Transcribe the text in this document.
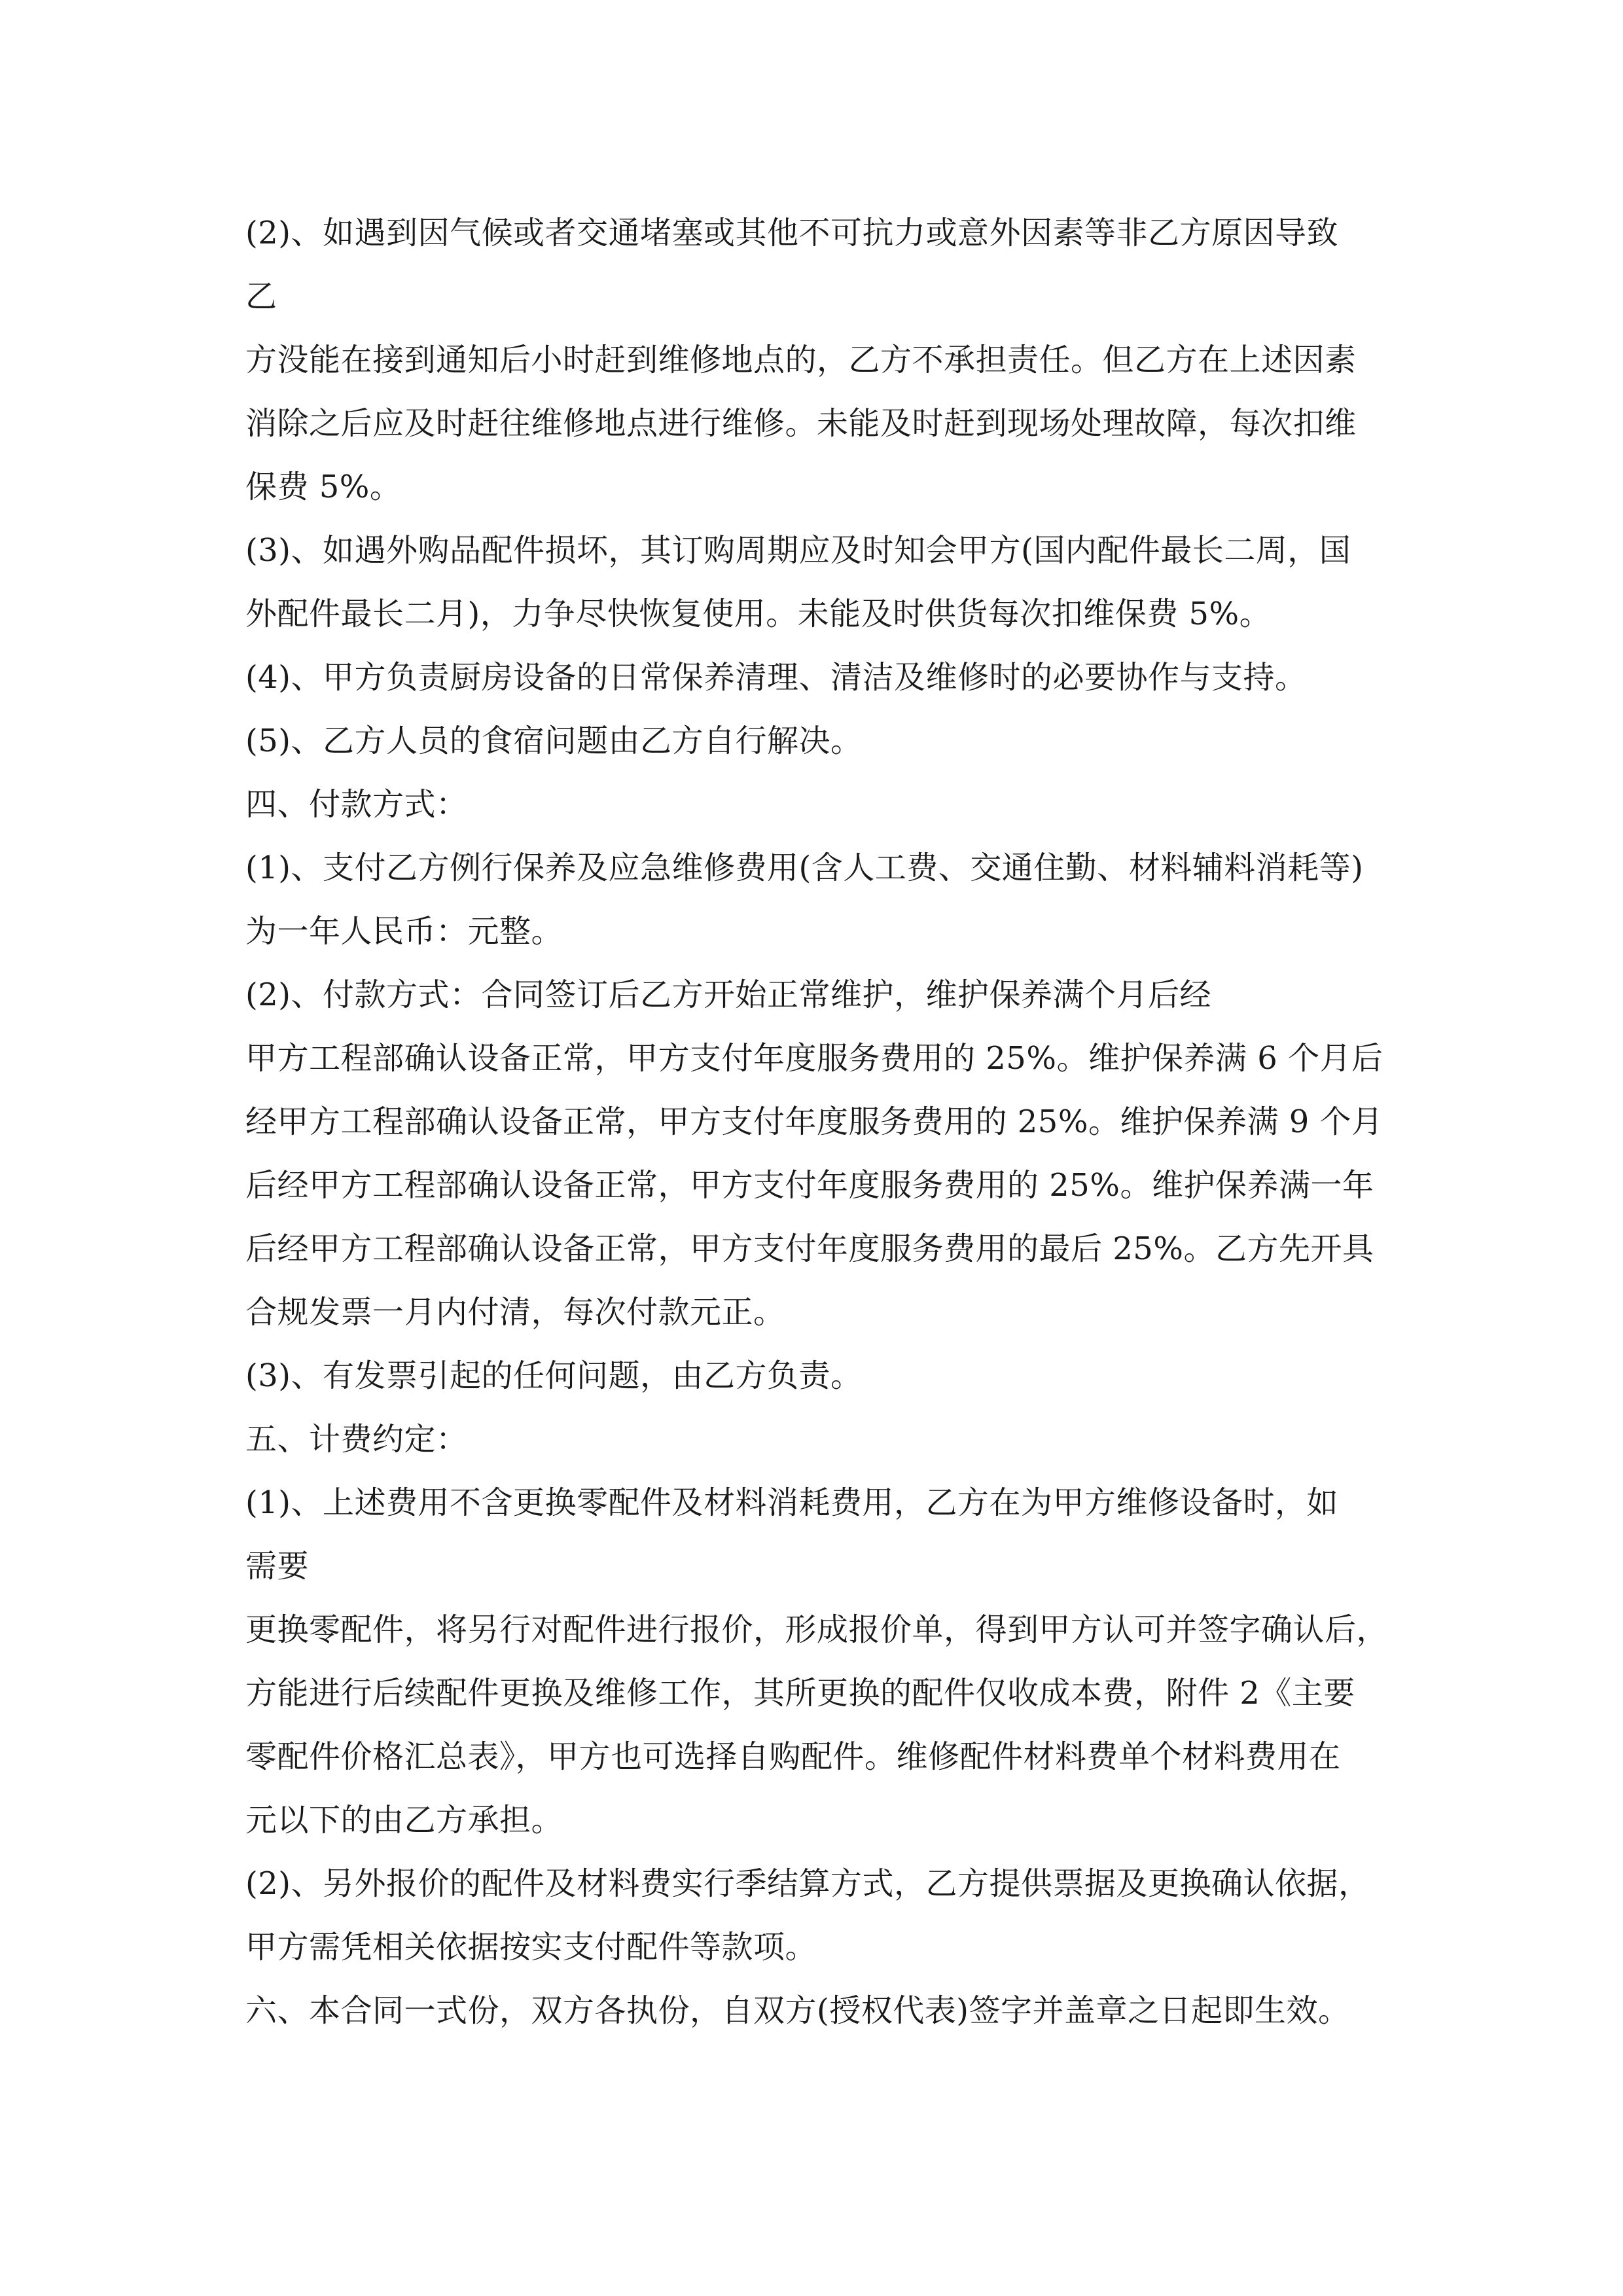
(2)、如遇到因气候或者交通堵塞或其他不可抗力或意外因素等非乙方原因导致
乙
方没能在接到通知后小时赶到维修地点的，乙方不承担责任。但乙方在上述因素
消除之后应及时赶往维修地点进行维修。未能及时赶到现场处理故障，每次扣维
保费 5%。
(3)、如遇外购品配件损坏，其订购周期应及时知会甲方(国内配件最长二周，国
外配件最长二月)，力争尽快恢复使用。未能及时供货每次扣维保费 5%。
(4)、甲方负责厨房设备的日常保养清理、清洁及维修时的必要协作与支持。
(5)、乙方人员的食宿问题由乙方自行解决。
四、付款方式：
(1)、支付乙方例行保养及应急维修费用(含人工费、交通住勤、材料辅料消耗等)
为一年人民币：元整。
(2)、付款方式：合同签订后乙方开始正常维护，维护保养满个月后经
甲方工程部确认设备正常，甲方支付年度服务费用的 25%。维护保养满 6 个月后
经甲方工程部确认设备正常，甲方支付年度服务费用的 25%。维护保养满 9 个月
后经甲方工程部确认设备正常，甲方支付年度服务费用的 25%。维护保养满一年
后经甲方工程部确认设备正常，甲方支付年度服务费用的最后 25%。乙方先开具
合规发票一月内付清，每次付款元正。
(3)、有发票引起的任何问题，由乙方负责。
五、计费约定：
(1)、上述费用不含更换零配件及材料消耗费用，乙方在为甲方维修设备时，如
需要
更换零配件，将另行对配件进行报价，形成报价单，得到甲方认可并签字确认后，
方能进行后续配件更换及维修工作，其所更换的配件仅收成本费，附件 2《主要
零配件价格汇总表》，甲方也可选择自购配件。维修配件材料费单个材料费用在
元以下的由乙方承担。
(2)、另外报价的配件及材料费实行季结算方式，乙方提供票据及更换确认依据，
甲方需凭相关依据按实支付配件等款项。
六、本合同一式份，双方各执份，自双方(授权代表)签字并盖章之日起即生效。
